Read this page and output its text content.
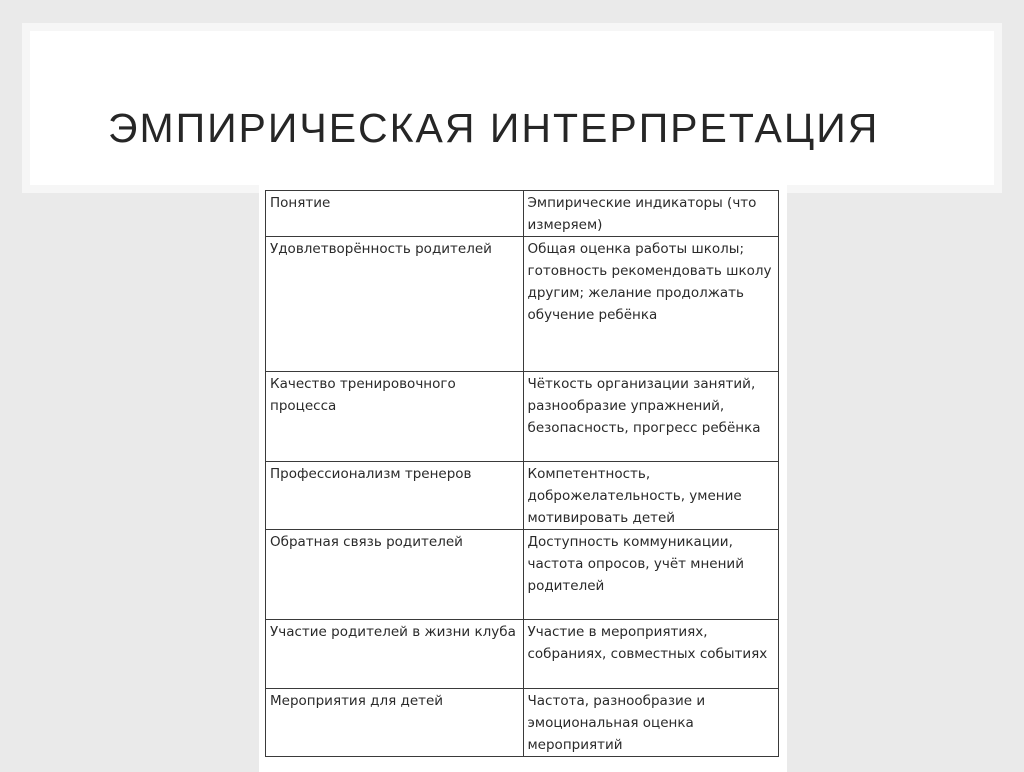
ЭМПИРИЧЕСКАЯ ИНТЕРПРЕТАЦИЯ
Понятие	Эмпирические индикаторы (что измеряем)
Удовлетворённость родителей	Общая оценка работы школы; готовность рекомендовать школу другим; желание продолжать обучение ребёнка
Качество тренировочного процесса	Чёткость организации занятий, разнообразие упражнений, безопасность, прогресс ребёнка
Профессионализм тренеров	Компетентность, доброжелательность, умение мотивировать детей
Обратная связь родителей	Доступность коммуникации, частота опросов, учёт мнений родителей
Участие родителей в жизни клуба	Участие в мероприятиях, собраниях, совместных событиях
Мероприятия для детей	Частота, разнообразие и эмоциональная оценка мероприятий
